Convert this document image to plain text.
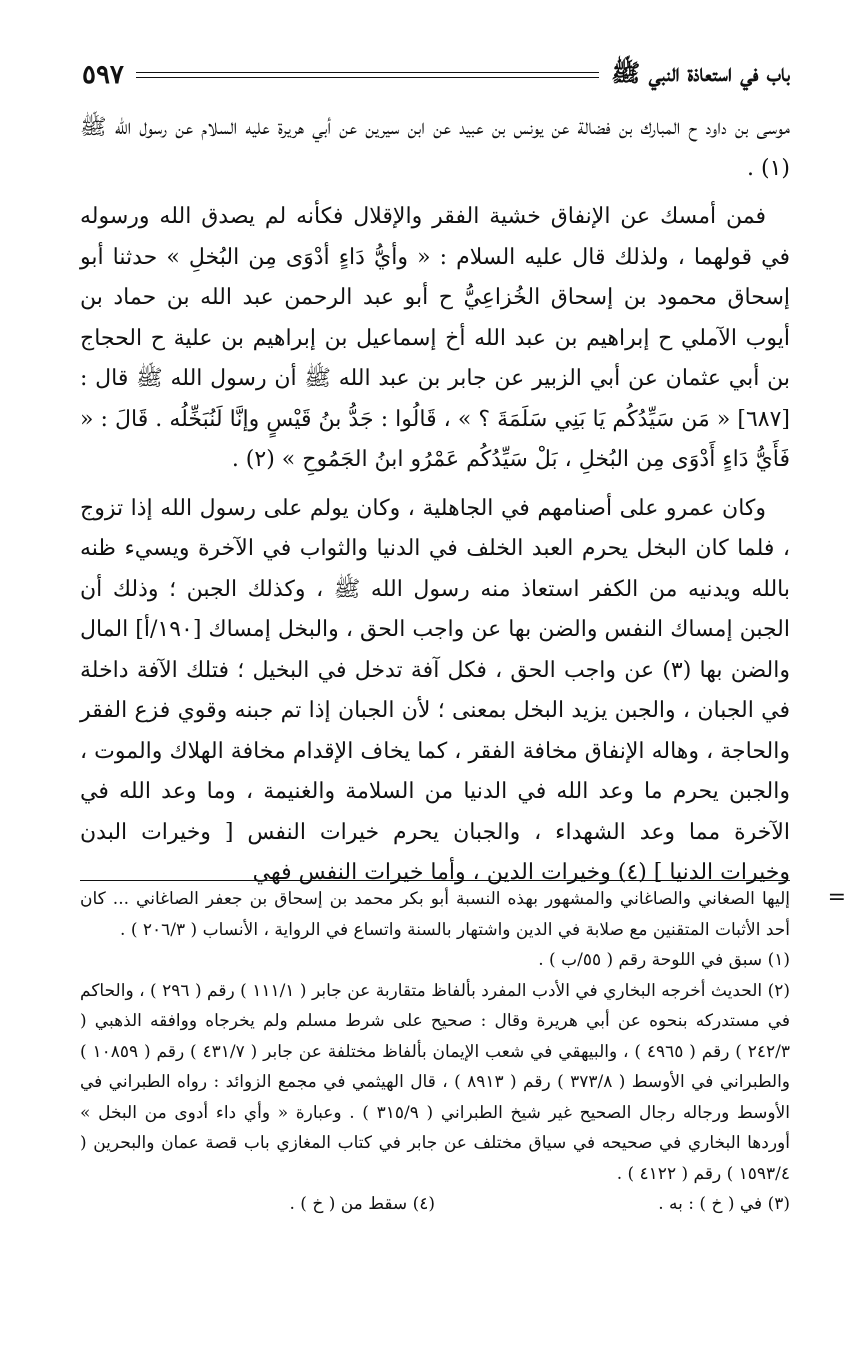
باب في استعاذة النبي ﷺ
٥٩٧

موسى بن داود ح المبارك بن فضالة عن يونس بن عبيد عن ابن سيرين عن أبي هريرة عليه السلام عن رسول الله ﷺ (١) .

فمن أمسك عن الإنفاق خشية الفقر والإقلال فكأنه لم يصدق الله ورسوله في قولهما ، ولذلك قال عليه السلام : « وأيُّ دَاءٍ أدْوَى مِن البُخلِ » حدثنا أبو إسحاق محمود بن إسحاق الخُزاعِيُّ ح أبو عبد الرحمن عبد الله بن حماد بن أيوب الآملي ح إبراهيم بن عبد الله أخ إسماعيل بن إبراهيم بن علية ح الحجاج بن أبي عثمان عن أبي الزبير عن جابر بن عبد الله ﷺ أن رسول الله ﷺ قال : [٦٨٧] « مَن سَيِّدُكُم يَا بَنِي سَلَمَةَ ؟ » ، قَالُوا : جَدُّ بنُ قَيْسٍ وإنَّا لَنُبَخِّلُه . قَالَ : « فَأَيُّ دَاءٍ أَدْوَى مِن البُخلِ ، بَلْ سَيِّدُكُم عَمْرُو ابنُ الجَمُوحِ » (٢) .

وكان عمرو على أصنامهم في الجاهلية ، وكان يولم على رسول الله إذا تزوج ، فلما كان البخل يحرم العبد الخلف في الدنيا والثواب في الآخرة ويسيء ظنه بالله ويدنيه من الكفر استعاذ منه رسول الله ﷺ ، وكذلك الجبن ؛ وذلك أن الجبن إمساك النفس والضن بها عن واجب الحق ، والبخل إمساك [١٩٠/أ] المال والضن بها (٣) عن واجب الحق ، فكل آفة تدخل في البخيل ؛ فتلك الآفة داخلة في الجبان ، والجبن يزيد البخل بمعنى ؛ لأن الجبان إذا تم جبنه وقوي فزع الفقر والحاجة ، وهاله الإنفاق مخافة الفقر ، كما يخاف الإقدام مخافة الهلاك والموت ، والجبن يحرم ما وعد الله في الدنيا من السلامة والغنيمة ، وما وعد الله في الآخرة مما وعد الشهداء ، والجبان يحرم خيرات النفس [ وخيرات البدن وخيرات الدنيا ] (٤) وخيرات الدين ، وأما خيرات النفس فهي

=

إليها الصغاني والصاغاني والمشهور بهذه النسبة أبو بكر محمد بن إسحاق بن جعفر الصاغاني ... كان أحد الأثبات المتقنين مع صلابة في الدين واشتهار بالسنة واتساع في الرواية ، الأنساب ( ٢٠٦/٣ ) .

(١) سبق في اللوحة رقم ( ٥٥/ب ) .

(٢) الحديث أخرجه البخاري في الأدب المفرد بألفاظ متقاربة عن جابر ( ١١١/١ ) رقم ( ٢٩٦ ) ، والحاكم في مستدركه بنحوه عن أبي هريرة وقال : صحيح على شرط مسلم ولم يخرجاه ووافقه الذهبي ( ٢٤٢/٣ ) رقم ( ٤٩٦٥ ) ، والبيهقي في شعب الإيمان بألفاظ مختلفة عن جابر ( ٤٣١/٧ ) رقم ( ١٠٨٥٩ ) والطبراني في الأوسط ( ٣٧٣/٨ ) رقم ( ٨٩١٣ ) ، قال الهيثمي في مجمع الزوائد : رواه الطبراني في الأوسط ورجاله رجال الصحيح غير شيخ الطبراني ( ٣١٥/٩ ) . وعبارة « وأي داء أدوى من البخل » أوردها البخاري في صحيحه في سياق مختلف عن جابر في كتاب المغازي باب قصة عمان والبحرين ( ١٥٩٣/٤ ) رقم ( ٤١٢٢ ) .

(٣) في ( خ ) : به .
(٤) سقط من ( خ ) .
